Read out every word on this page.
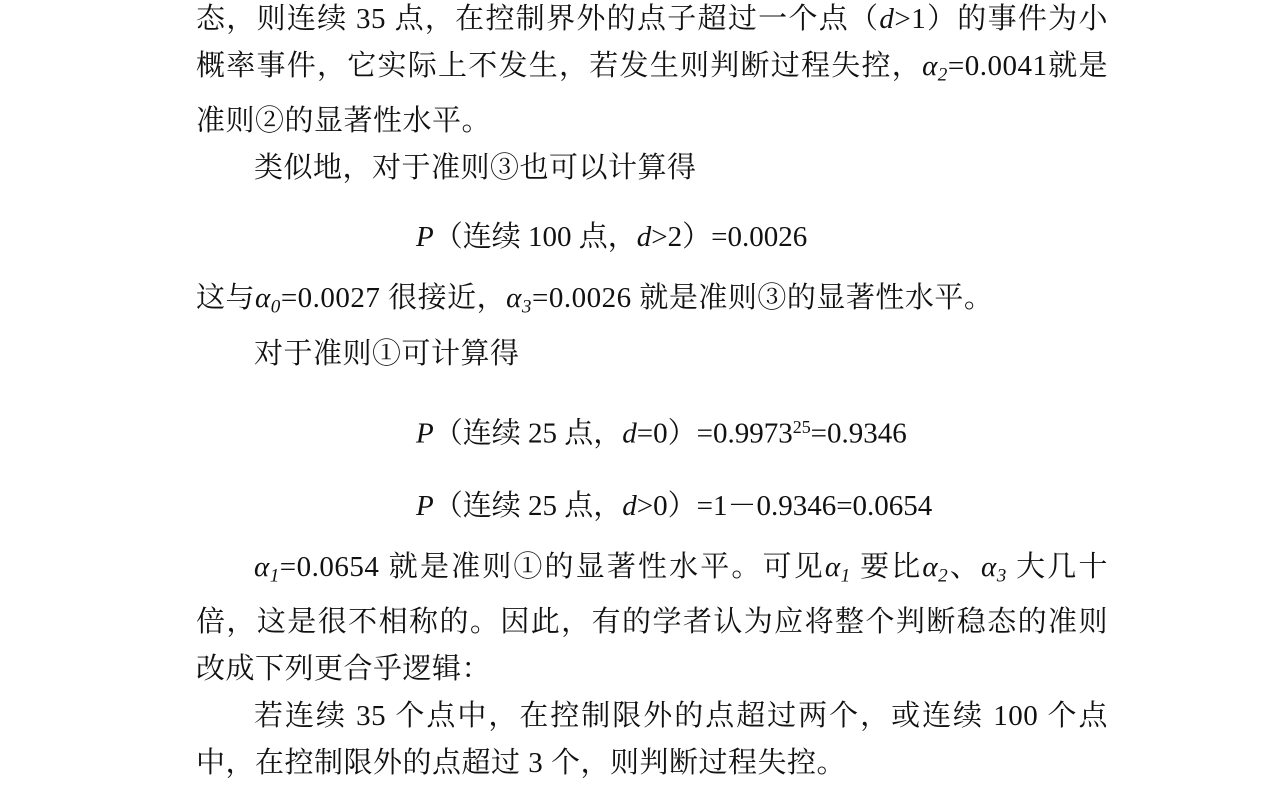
态，则连续 35 点，在控制界外的点子超过一个点（d>1）的事件为小概率事件，它实际上不发生，若发生则判断过程失控，$\alpha_2=0.0041$就是准则②的显著性水平。

类似地，对于准则③也可以计算得

P（连续 100 点，d>2）=0.0026

这与$\alpha_0=0.0027$ 很接近，$\alpha_3=0.0026$ 就是准则③的显著性水平。

对于准则①可计算得

P（连续 25 点，$d=0)=0.9973^{25}=0.9346$

P（连续 25 点，d>0）=1－0.9346=0.0654

$\alpha_1=0.0654$ 就是准则①的显著性水平。可见$\alpha_1$ 要比$\alpha_2$、$\alpha_3$ 大几十倍，这是很不相称的。因此，有的学者认为应将整个判断稳态的准则改成下列更合乎逻辑：

若连续 35 个点中，在控制限外的点超过两个，或连续 100 个点中，在控制限外的点超过 3 个，则判断过程失控。
